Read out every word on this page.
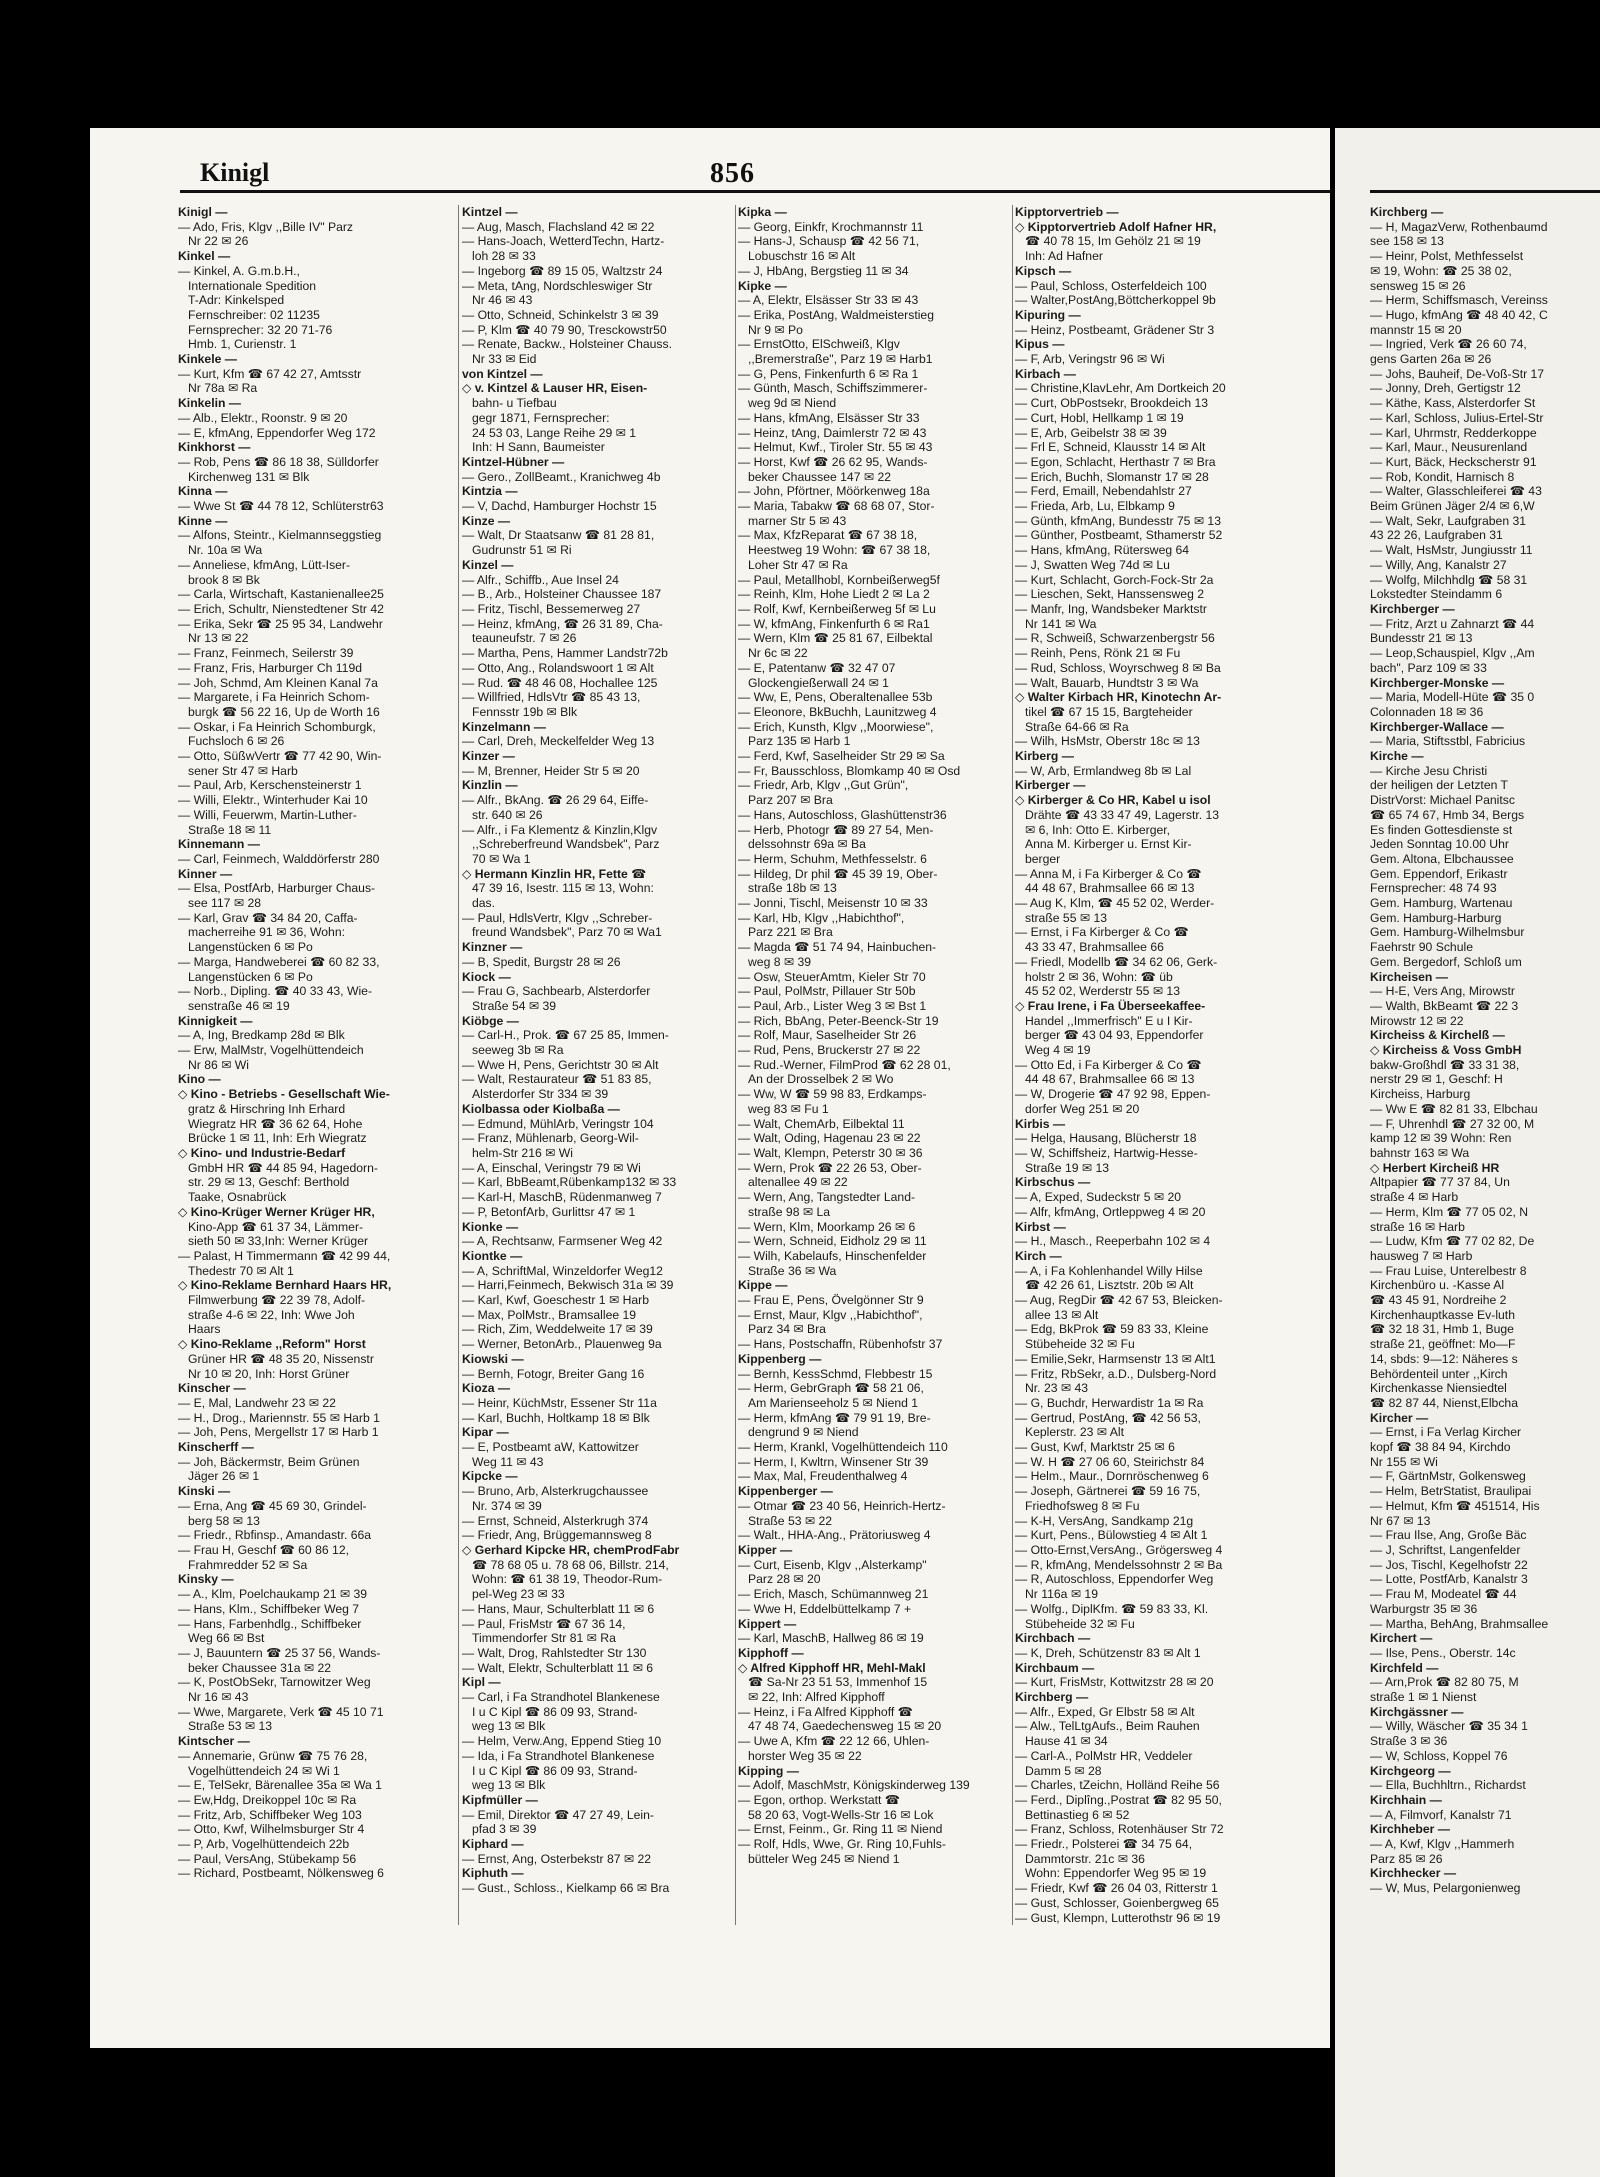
Kinigl	856
Kinigl —
— Ado, Fris, Klgv ,,Bille IV" Parz
Nr 22 ✉ 26
Kinkel —
— Kinkel, A. G.m.b.H.,
Internationale Spedition
T-Adr: Kinkelsped
Fernschreiber: 02 11235
Fernsprecher: 32 20 71-76
Hmb. 1, Curienstr. 1
Kinkele —
— Kurt, Kfm ☎ 67 42 27, Amtsstr
Nr 78a ✉ Ra
Kinkelin —
— Alb., Elektr., Roonstr. 9 ✉ 20
— E, kfmAng, Eppendorfer Weg 172
Kinkhorst —
— Rob, Pens ☎ 86 18 38, Sülldorfer
Kirchenweg 131 ✉ Blk
Kinna —
— Wwe St ☎ 44 78 12, Schlüterstr63
Kinne —
— Alfons, Steintr., Kielmannseggstieg
Nr. 10a ✉ Wa
— Anneliese, kfmAng, Lütt-Iser-
brook 8 ✉ Bk
— Carla, Wirtschaft, Kastanienallee25
— Erich, Schultr, Nienstedtener Str 42
— Erika, Sekr ☎ 25 95 34, Landwehr
Nr 13 ✉ 22
— Franz, Feinmech, Seilerstr 39
— Franz, Fris, Harburger Ch 119d
— Joh, Schmd, Am Kleinen Kanal 7a
— Margarete, i Fa Heinrich Schom-
burgk ☎ 56 22 16, Up de Worth 16
— Oskar, i Fa Heinrich Schomburgk,
Fuchsloch 6 ✉ 26
— Otto, SüßwVertr ☎ 77 42 90, Win-
sener Str 47 ✉ Harb
— Paul, Arb, Kerschensteinerstr 1
— Willi, Elektr., Winterhuder Kai 10
— Willi, Feuerwm, Martin-Luther-
Straße 18 ✉ 11
Kinnemann —
— Carl, Feinmech, Walddörferstr 280
Kinner —
— Elsa, PostfArb, Harburger Chaus-
see 117 ✉ 28
— Karl, Grav ☎ 34 84 20, Caffa-
macherreihe 91 ✉ 36, Wohn:
Langenstücken 6 ✉ Po
— Marga, Handweberei ☎ 60 82 33,
Langenstücken 6 ✉ Po
— Norb., Dipling. ☎ 40 33 43, Wie-
senstraße 46 ✉ 19
Kinnigkeit —
— A, Ing, Bredkamp 28d ✉ Blk
— Erw, MalMstr, Vogelhüttendeich
Nr 86 ✉ Wi
Kino —
◇ Kino - Betriebs - Gesellschaft Wie-
gratz & Hirschring Inh Erhard
Wiegratz HR ☎ 36 62 64, Hohe
Brücke 1 ✉ 11, Inh: Erh Wiegratz
◇ Kino- und Industrie-Bedarf
GmbH HR ☎ 44 85 94, Hagedorn-
str. 29 ✉ 13, Geschf: Berthold
Taake, Osnabrück
◇ Kino-Krüger Werner Krüger HR,
Kino-App ☎ 61 37 34, Lämmer-
sieth 50 ✉ 33,Inh: Werner Krüger
— Palast, H Timmermann ☎ 42 99 44,
Thedestr 70 ✉ Alt 1
◇ Kino-Reklame Bernhard Haars HR,
Filmwerbung ☎ 22 39 78, Adolf-
straße 4-6 ✉ 22, Inh: Wwe Joh
Haars
◇ Kino-Reklame ,,Reform" Horst
Grüner HR ☎ 48 35 20, Nissenstr
Nr 10 ✉ 20, Inh: Horst Grüner
Kinscher —
— E, Mal, Landwehr 23 ✉ 22
— H., Drog., Mariennstr. 55 ✉ Harb 1
— Joh, Pens, Mergellstr 17 ✉ Harb 1
Kinscherff —
— Joh, Bäckermstr, Beim Grünen
Jäger 26 ✉ 1
Kinski —
— Erna, Ang ☎ 45 69 30, Grindel-
berg 58 ✉ 13
— Friedr., Rbfinsp., Amandastr. 66a
— Frau H, Geschf ☎ 60 86 12,
Frahmredder 52 ✉ Sa
Kinsky —
— A., Klm, Poelchaukamp 21 ✉ 39
— Hans, Klm., Schiffbeker Weg 7
— Hans, Farbenhdlg., Schiffbeker
Weg 66 ✉ Bst
— J, Bauuntern ☎ 25 37 56, Wands-
beker Chaussee 31a ✉ 22
— K, PostObSekr, Tarnowitzer Weg
Nr 16 ✉ 43
— Wwe, Margarete, Verk ☎ 45 10 71
Straße 53 ✉ 13
Kintscher —
— Annemarie, Grünw ☎ 75 76 28,
Vogelhüttendeich 24 ✉ Wi 1
— E, TelSekr, Bärenallee 35a ✉ Wa 1
— Ew,Hdg, Dreikoppel 10c ✉ Ra
— Fritz, Arb, Schiffbeker Weg 103
— Otto, Kwf, Wilhelmsburger Str 4
— P, Arb, Vogelhüttendeich 22b
— Paul, VersAng, Stübekamp 56
— Richard, Postbeamt, Nölkensweg 6
Kintzel —
— Aug, Masch, Flachsland 42 ✉ 22
— Hans-Joach, WetterdTechn, Hartz-
loh 28 ✉ 33
— Ingeborg ☎ 89 15 05, Waltzstr 24
— Meta, tAng, Nordschleswiger Str
Nr 46 ✉ 43
— Otto, Schneid, Schinkelstr 3 ✉ 39
— P, Klm ☎ 40 79 90, Tresckowstr50
— Renate, Backw., Holsteiner Chauss.
Nr 33 ✉ Eid
von Kintzel —
◇ v. Kintzel & Lauser HR, Eisen-
bahn- u Tiefbau
gegr 1871, Fernsprecher:
24 53 03, Lange Reihe 29 ✉ 1
Inh: H Sann, Baumeister
Kintzel-Hübner —
— Gero., ZollBeamt., Kranichweg 4b
Kintzia —
— V, Dachd, Hamburger Hochstr 15
Kinze —
— Walt, Dr Staatsanw ☎ 81 28 81,
Gudrunstr 51 ✉ Ri
Kinzel —
— Alfr., Schiffb., Aue Insel 24
— B., Arb., Holsteiner Chaussee 187
— Fritz, Tischl, Bessemerweg 27
— Heinz, kfmAng, ☎ 26 31 89, Cha-
teauneufstr. 7 ✉ 26
— Martha, Pens, Hammer Landstr72b
— Otto, Ang., Rolandswoort 1 ✉ Alt
— Rud. ☎ 48 46 08, Hochallee 125
— Willfried, HdlsVtr ☎ 85 43 13,
Fennsstr 19b ✉ Blk
Kinzelmann —
— Carl, Dreh, Meckelfelder Weg 13
Kinzer —
— M, Brenner, Heider Str 5 ✉ 20
Kinzlin —
— Alfr., BkAng. ☎ 26 29 64, Eiffe-
str. 640 ✉ 26
— Alfr., i Fa Klementz & Kinzlin,Klgv
,,Schreberfreund Wandsbek", Parz
70 ✉ Wa 1
◇ Hermann Kinzlin HR, Fette ☎
47 39 16, Isestr. 115 ✉ 13, Wohn:
das.
— Paul, HdlsVertr, Klgv ,,Schreber-
freund Wandsbek", Parz 70 ✉ Wa1
Kinzner —
— B, Spedit, Burgstr 28 ✉ 26
Kiock —
— Frau G, Sachbearb, Alsterdorfer
Straße 54 ✉ 39
Kiöbge —
— Carl-H., Prok. ☎ 67 25 85, Immen-
seeweg 3b ✉ Ra
— Wwe H, Pens, Gerichtstr 30 ✉ Alt
— Walt, Restaurateur ☎ 51 83 85,
Alsterdorfer Str 334 ✉ 39
Kiolbassa oder Kiolbaßa —
— Edmund, MühlArb, Veringstr 104
— Franz, Mühlenarb, Georg-Wil-
helm-Str 216 ✉ Wi
— A, Einschal, Veringstr 79 ✉ Wi
— Karl, BbBeamt,Rübenkamp132 ✉ 33
— Karl-H, MaschB, Rüdenmanweg 7
— P, BetonfArb, Gurlittsr 47 ✉ 1
Kionke —
— A, Rechtsanw, Farmsener Weg 42
Kiontke —
— A, SchriftMal, Winzeldorfer Weg12
— Harri,Feinmech, Bekwisch 31a ✉ 39
— Karl, Kwf, Goeschestr 1 ✉ Harb
— Max, PolMstr., Bramsallee 19
— Rich, Zim, Weddelweite 17 ✉ 39
— Werner, BetonArb., Plauenweg 9a
Kiowski —
— Bernh, Fotogr, Breiter Gang 16
Kioza —
— Heinr, KüchMstr, Essener Str 11a
— Karl, Buchh, Holtkamp 18 ✉ Blk
Kipar —
— E, Postbeamt aW, Kattowitzer
Weg 11 ✉ 43
Kipcke —
— Bruno, Arb, Alsterkrugchaussee
Nr. 374 ✉ 39
— Ernst, Schneid, Alsterkrugh 374
— Friedr, Ang, Brüggemannsweg 8
◇ Gerhard Kipcke HR, chemProdFabr
☎ 78 68 05 u. 78 68 06, Billstr. 214,
Wohn: ☎ 61 38 19, Theodor-Rum-
pel-Weg 23 ✉ 33
— Hans, Maur, Schulterblatt 11 ✉ 6
— Paul, FrisMstr ☎ 67 36 14,
Timmendorfer Str 81 ✉ Ra
— Walt, Drog, Rahlstedter Str 130
— Walt, Elektr, Schulterblatt 11 ✉ 6
Kipl —
— Carl, i Fa Strandhotel Blankenese
I u C Kipl ☎ 86 09 93, Strand-
weg 13 ✉ Blk
— Helm, Verw.Ang, Eppend Stieg 10
— Ida, i Fa Strandhotel Blankenese
I u C Kipl ☎ 86 09 93, Strand-
weg 13 ✉ Blk
Kipfmüller —
— Emil, Direktor ☎ 47 27 49, Lein-
pfad 3 ✉ 39
Kiphard —
— Ernst, Ang, Osterbekstr 87 ✉ 22
Kiphuth —
— Gust., Schloss., Kielkamp 66 ✉ Bra
Kipka —
— Georg, Einkfr, Krochmannstr 11
— Hans-J, Schausp ☎ 42 56 71,
Lobuschstr 16 ✉ Alt
— J, HbAng, Bergstieg 11 ✉ 34
Kipke —
— A, Elektr, Elsässer Str 33 ✉ 43
— Erika, PostAng, Waldmeisterstieg
Nr 9 ✉ Po
— ErnstOtto, ElSchweiß, Klgv
,,Bremerstraße", Parz 19 ✉ Harb1
— G, Pens, Finkenfurth 6 ✉ Ra 1
— Günth, Masch, Schiffszimmerer-
weg 9d ✉ Niend
— Hans, kfmAng, Elsässer Str 33
— Heinz, tAng, Daimlerstr 72 ✉ 43
— Helmut, Kwf., Tiroler Str. 55 ✉ 43
— Horst, Kwf ☎ 26 62 95, Wands-
beker Chaussee 147 ✉ 22
— John, Pförtner, Möörkenweg 18a
— Maria, Tabakw ☎ 68 68 07, Stor-
marner Str 5 ✉ 43
— Max, KfzReparat ☎ 67 38 18,
Heestweg 19 Wohn: ☎ 67 38 18,
Loher Str 47 ✉ Ra
— Paul, Metallhobl, Kornbeißerweg5f
— Reinh, Klm, Hohe Liedt 2 ✉ La 2
— Rolf, Kwf, Kernbeißerweg 5f ✉ Lu
— W, kfmAng, Finkenfurth 6 ✉ Ra1
— Wern, Klm ☎ 25 81 67, Eilbektal
Nr 6c ✉ 22
— E, Patentanw ☎ 32 47 07
Glockengießerwall 24 ✉ 1
— Ww, E, Pens, Oberaltenallee 53b
— Eleonore, BkBuchh, Launitzweg 4
— Erich, Kunsth, Klgv ,,Moorwiese",
Parz 135 ✉ Harb 1
— Ferd, Kwf, Saselheider Str 29 ✉ Sa
— Fr, Bausschloss, Blomkamp 40 ✉ Osd
— Friedr, Arb, Klgv ,,Gut Grün",
Parz 207 ✉ Bra
— Hans, Autoschloss, Glashüttenstr36
— Herb, Photogr ☎ 89 27 54, Men-
delssohnstr 69a ✉ Ba
— Herm, Schuhm, Methfesselstr. 6
— Hildeg, Dr phil ☎ 45 39 19, Ober-
straße 18b ✉ 13
— Jonni, Tischl, Meisenstr 10 ✉ 33
— Karl, Hb, Klgv ,,Habichthof",
Parz 221 ✉ Bra
— Magda ☎ 51 74 94, Hainbuchen-
weg 8 ✉ 39
— Osw, SteuerAmtm, Kieler Str 70
— Paul, PolMstr, Pillauer Str 50b
— Paul, Arb., Lister Weg 3 ✉ Bst 1
— Rich, BbAng, Peter-Beenck-Str 19
— Rolf, Maur, Saselheider Str 26
— Rud, Pens, Bruckerstr 27 ✉ 22
— Rud.-Werner, FilmProd ☎ 62 28 01,
An der Drosselbek 2 ✉ Wo
— Ww, W ☎ 59 98 83, Erdkamps-
weg 83 ✉ Fu 1
— Walt, ChemArb, Eilbektal 11
— Walt, Oding, Hagenau 23 ✉ 22
— Walt, Klempn, Peterstr 30 ✉ 36
— Wern, Prok ☎ 22 26 53, Ober-
altenallee 49 ✉ 22
— Wern, Ang, Tangstedter Land-
straße 98 ✉ La
— Wern, Klm, Moorkamp 26 ✉ 6
— Wern, Schneid, Eidholz 29 ✉ 11
— Wilh, Kabelaufs, Hinschenfelder
Straße 36 ✉ Wa
Kippe —
— Frau E, Pens, Övelgönner Str 9
— Ernst, Maur, Klgv ,,Habichthof",
Parz 34 ✉ Bra
— Hans, Postschaffn, Rübenhofstr 37
Kippenberg —
— Bernh, KessSchmd, Flebbestr 15
— Herm, GebrGraph ☎ 58 21 06,
Am Marienseeholz 5 ✉ Niend 1
— Herm, kfmAng ☎ 79 91 19, Bre-
dengrund 9 ✉ Niend
— Herm, Krankl, Vogelhüttendeich 110
— Herm, I, Kwltrn, Winsener Str 39
— Max, Mal, Freudenthalweg 4
Kippenberger —
— Otmar ☎ 23 40 56, Heinrich-Hertz-
Straße 53 ✉ 22
— Walt., HHA-Ang., Prätoriusweg 4
Kipper —
— Curt, Eisenb, Klgv ,,Alsterkamp"
Parz 28 ✉ 20
— Erich, Masch, Schümannweg 21
— Wwe H, Eddelbüttelkamp 7 +
Kippert —
— Karl, MaschB, Hallweg 86 ✉ 19
Kipphoff —
◇ Alfred Kipphoff HR, Mehl-Makl
☎ Sa-Nr 23 51 53, Immenhof 15
✉ 22, Inh: Alfred Kipphoff
— Heinz, i Fa Alfred Kipphoff ☎
47 48 74, Gaedechensweg 15 ✉ 20
— Uwe A, Kfm ☎ 22 12 66, Uhlen-
horster Weg 35 ✉ 22
Kipping —
— Adolf, MaschMstr, Königskinderweg 139
— Egon, orthop. Werkstatt ☎
58 20 63, Vogt-Wells-Str 16 ✉ Lok
— Ernst, Feinm., Gr. Ring 11 ✉ Niend
— Rolf, Hdls, Wwe, Gr. Ring 10,Fuhls-
bütteler Weg 245 ✉ Niend 1
Kipptorvertrieb —
◇ Kipptorvertrieb Adolf Hafner HR,
☎ 40 78 15, Im Gehölz 21 ✉ 19
Inh: Ad Hafner
Kipsch —
— Paul, Schloss, Osterfeldeich 100
— Walter,PostAng,Böttcherkoppel 9b
Kipuring —
— Heinz, Postbeamt, Grädener Str 3
Kipus —
— F, Arb, Veringstr 96 ✉ Wi
Kirbach —
— Christine,KlavLehr, Am Dortkeich 20
— Curt, ObPostsekr, Brookdeich 13
— Curt, Hobl, Hellkamp 1 ✉ 19
— E, Arb, Geibelstr 38 ✉ 39
— Frl E, Schneid, Klausstr 14 ✉ Alt
— Egon, Schlacht, Herthastr 7 ✉ Bra
— Erich, Buchh, Slomanstr 17 ✉ 28
— Ferd, Emaill, Nebendahlstr 27
— Frieda, Arb, Lu, Elbkamp 9
— Günth, kfmAng, Bundesstr 75 ✉ 13
— Günther, Postbeamt, Sthamerstr 52
— Hans, kfmAng, Rütersweg 64
— J, Swatten Weg 74d ✉ Lu
— Kurt, Schlacht, Gorch-Fock-Str 2a
— Lieschen, Sekt, Hanssensweg 2
— Manfr, Ing, Wandsbeker Marktstr
Nr 141 ✉ Wa
— R, Schweiß, Schwarzenbergstr 56
— Reinh, Pens, Rönk 21 ✉ Fu
— Rud, Schloss, Woyrschweg 8 ✉ Ba
— Walt, Bauarb, Hundtstr 3 ✉ Wa
◇ Walter Kirbach HR, Kinotechn Ar-
tikel ☎ 67 15 15, Bargteheider
Straße 64-66 ✉ Ra
— Wilh, HsMstr, Oberstr 18c ✉ 13
Kirberg —
— W, Arb, Ermlandweg 8b ✉ Lal
Kirberger —
◇ Kirberger & Co HR, Kabel u isol
Drähte ☎ 43 33 47 49, Lagerstr. 13
✉ 6, Inh: Otto E. Kirberger,
Anna M. Kirberger u. Ernst Kir-
berger
— Anna M, i Fa Kirberger & Co ☎
44 48 67, Brahmsallee 66 ✉ 13
— Aug K, Klm, ☎ 45 52 02, Werder-
straße 55 ✉ 13
— Ernst, i Fa Kirberger & Co ☎
43 33 47, Brahmsallee 66
— Friedl, Modellb ☎ 34 62 06, Gerk-
holstr 2 ✉ 36, Wohn: ☎ üb
45 52 02, Werderstr 55 ✉ 13
◇ Frau Irene, i Fa Überseekaffee-
Handel ,,Immerfrisch" E u I Kir-
berger ☎ 43 04 93, Eppendorfer
Weg 4 ✉ 19
— Otto Ed, i Fa Kirberger & Co ☎
44 48 67, Brahmsallee 66 ✉ 13
— W, Drogerie ☎ 47 92 98, Eppen-
dorfer Weg 251 ✉ 20
Kirbis —
— Helga, Hausang, Blücherstr 18
— W, Schiffsheiz, Hartwig-Hesse-
Straße 19 ✉ 13
Kirbschus —
— A, Exped, Sudeckstr 5 ✉ 20
— Alfr, kfmAng, Ortleppweg 4 ✉ 20
Kirbst —
— H., Masch., Reeperbahn 102 ✉ 4
Kirch —
— A, i Fa Kohlenhandel Willy Hilse
☎ 42 26 61, Lisztstr. 20b ✉ Alt
— Aug, RegDir ☎ 42 67 53, Bleicken-
allee 13 ✉ Alt
— Edg, BkProk ☎ 59 83 33, Kleine
Stübeheide 32 ✉ Fu
— Emilie,Sekr, Harmsenstr 13 ✉ Alt1
— Fritz, RbSekr, a.D., Dulsberg-Nord
Nr. 23 ✉ 43
— G, Buchdr, Herwardistr 1a ✉ Ra
— Gertrud, PostAng, ☎ 42 56 53,
Keplerstr. 23 ✉ Alt
— Gust, Kwf, Marktstr 25 ✉ 6
— W. H ☎ 27 06 60, Steirichstr 84
— Helm., Maur., Dornröschenweg 6
— Joseph, Gärtnerei ☎ 59 16 75,
Friedhofsweg 8 ✉ Fu
— K-H, VersAng, Sandkamp 21g
— Kurt, Pens., Bülowstieg 4 ✉ Alt 1
— Otto-Ernst,VersAng., Grögersweg 4
— R, kfmAng, Mendelssohnstr 2 ✉ Ba
— R, Autoschloss, Eppendorfer Weg
Nr 116a ✉ 19
— Wolfg., DiplKfm. ☎ 59 83 33, Kl.
Stübeheide 32 ✉ Fu
Kirchbach —
— K, Dreh, Schützenstr 83 ✉ Alt 1
Kirchbaum —
— Kurt, FrisMstr, Kottwitzstr 28 ✉ 20
Kirchberg —
— Alfr., Exped, Gr Elbstr 58 ✉ Alt
— Alw., TelLtgAufs., Beim Rauhen
Hause 41 ✉ 34
— Carl-A., PolMstr HR, Veddeler
Damm 5 ✉ 28
— Charles, tZeichn, Holländ Reihe 56
— Ferd., Diplîng.,Postrat ☎ 82 95 50,
Bettinastieg 6 ✉ 52
— Franz, Schloss, Rotenhäuser Str 72
— Friedr., Polsterei ☎ 34 75 64,
Dammtorstr. 21c ✉ 36
Wohn: Eppendorfer Weg 95 ✉ 19
— Friedr, Kwf ☎ 26 04 03, Ritterstr 1
— Gust, Schlosser, Goienbergweg 65
— Gust, Klempn, Lutterothstr 96 ✉ 19
Kirchberg —
— H, MagazVerw, Rothenbaumd
see 158 ✉ 13
— Heinr, Polst, Methfesselst
✉ 19, Wohn: ☎ 25 38 02,
sensweg 15 ✉ 26
— Herm, Schiffsmasch, Vereinss
— Hugo, kfmAng ☎ 48 40 42, C
mannstr 15 ✉ 20
— Ingried, Verk ☎ 26 60 74,
gens Garten 26a ✉ 26
— Johs, Bauheif, De-Voß-Str 17
— Jonny, Dreh, Gertigstr 12
— Käthe, Kass, Alsterdorfer St
— Karl, Schloss, Julius-Ertel-Str
— Karl, Uhrmstr, Redderkoppe
— Karl, Maur., Neusurenland
— Kurt, Bäck, Heckscherstr 91
— Rob, Kondit, Harnisch 8
— Walter, Glasschleiferei ☎ 43
Beim Grünen Jäger 2/4 ✉ 6,W
— Walt, Sekr, Laufgraben 31
43 22 26, Laufgraben 31
— Walt, HsMstr, Jungiusstr 11
— Willy, Ang, Kanalstr 27
— Wolfg, Milchhdlg ☎ 58 31
Lokstedter Steindamm 6
Kirchberger —
— Fritz, Arzt u Zahnarzt ☎ 44
Bundesstr 21 ✉ 13
— Leop,Schauspiel, Klgv ,,Am
bach", Parz 109 ✉ 33
Kirchberger-Monske —
— Maria, Modell-Hüte ☎ 35 0
Colonnaden 18 ✉ 36
Kirchberger-Wallace —
— Maria, Stiftsstbl, Fabricius
Kirche —
— Kirche Jesu Christi
der heiligen der Letzten T
DistrVorst: Michael Panitsc
☎ 65 74 67, Hmb 34, Bergs
Es finden Gottesdienste st
Jeden Sonntag 10.00 Uhr
Gem. Altona, Elbchaussee
Gem. Eppendorf, Erikastr
Fernsprecher: 48 74 93
Gem. Hamburg, Wartenau
Gem. Hamburg-Harburg
Gem. Hamburg-Wilhelmsbur
Faehrstr 90 Schule
Gem. Bergedorf, Schloß um
Kircheisen —
— H-E, Vers Ang, Mirowstr
— Walth, BkBeamt ☎ 22 3
Mirowstr 12 ✉ 22
Kircheiss & Kirchelß —
◇ Kircheiss & Voss GmbH
bakw-Großhdl ☎ 33 31 38,
nerstr 29 ✉ 1, Geschf: H
Kircheiss, Harburg
— Ww E ☎ 82 81 33, Elbchau
— F, Uhrenhdl ☎ 27 32 00, M
kamp 12 ✉ 39 Wohn: Ren
bahnstr 163 ✉ Wa
◇ Herbert Kircheiß HR
Altpapier ☎ 77 37 84, Un
straße 4 ✉ Harb
— Herm, Klm ☎ 77 05 02, N
straße 16 ✉ Harb
— Ludw, Kfm ☎ 77 02 82, De
hausweg 7 ✉ Harb
— Frau Luise, Unterelbestr 8
Kirchenbüro u. -Kasse Al
☎ 43 45 91, Nordreihe 2
Kirchenhauptkasse Ev-luth
☎ 32 18 31, Hmb 1, Buge
straße 21, geöffnet: Mo—F
14, sbds: 9—12: Näheres s
Behördenteil unter ,,Kirch
Kirchenkasse Niensiedtel
☎ 82 87 44, Nienst,Elbcha
Kircher —
— Ernst, i Fa Verlag Kircher
kopf ☎ 38 84 94, Kirchdo
Nr 155 ✉ Wi
— F, GärtnMstr, Golkensweg
— Helm, BetrStatist, Braulipai
— Helmut, Kfm ☎ 451514, His
Nr 67 ✉ 13
— Frau Ilse, Ang, Große Bäc
— J, Schriftst, Langenfelder
— Jos, Tischl, Kegelhofstr 22
— Lotte, PostfArb, Kanalstr 3
— Frau M, Modeatel ☎ 44
Warburgstr 35 ✉ 36
— Martha, BehAng, Brahmsallee
Kirchert —
— Ilse, Pens., Oberstr. 14c
Kirchfeld —
— Arn,Prok ☎ 82 80 75, M
straße 1 ✉ 1 Nienst
Kirchgässner —
— Willy, Wäscher ☎ 35 34 1
Straße 3 ✉ 36
— W, Schloss, Koppel 76
Kirchgeorg —
— Ella, Buchhltrn., Richardst
Kirchhain —
— A, Filmvorf, Kanalstr 71
Kirchheber —
— A, Kwf, Klgv ,,Hammerh
Parz 85 ✉ 26
Kirchhecker —
— W, Mus, Pelargonienweg
